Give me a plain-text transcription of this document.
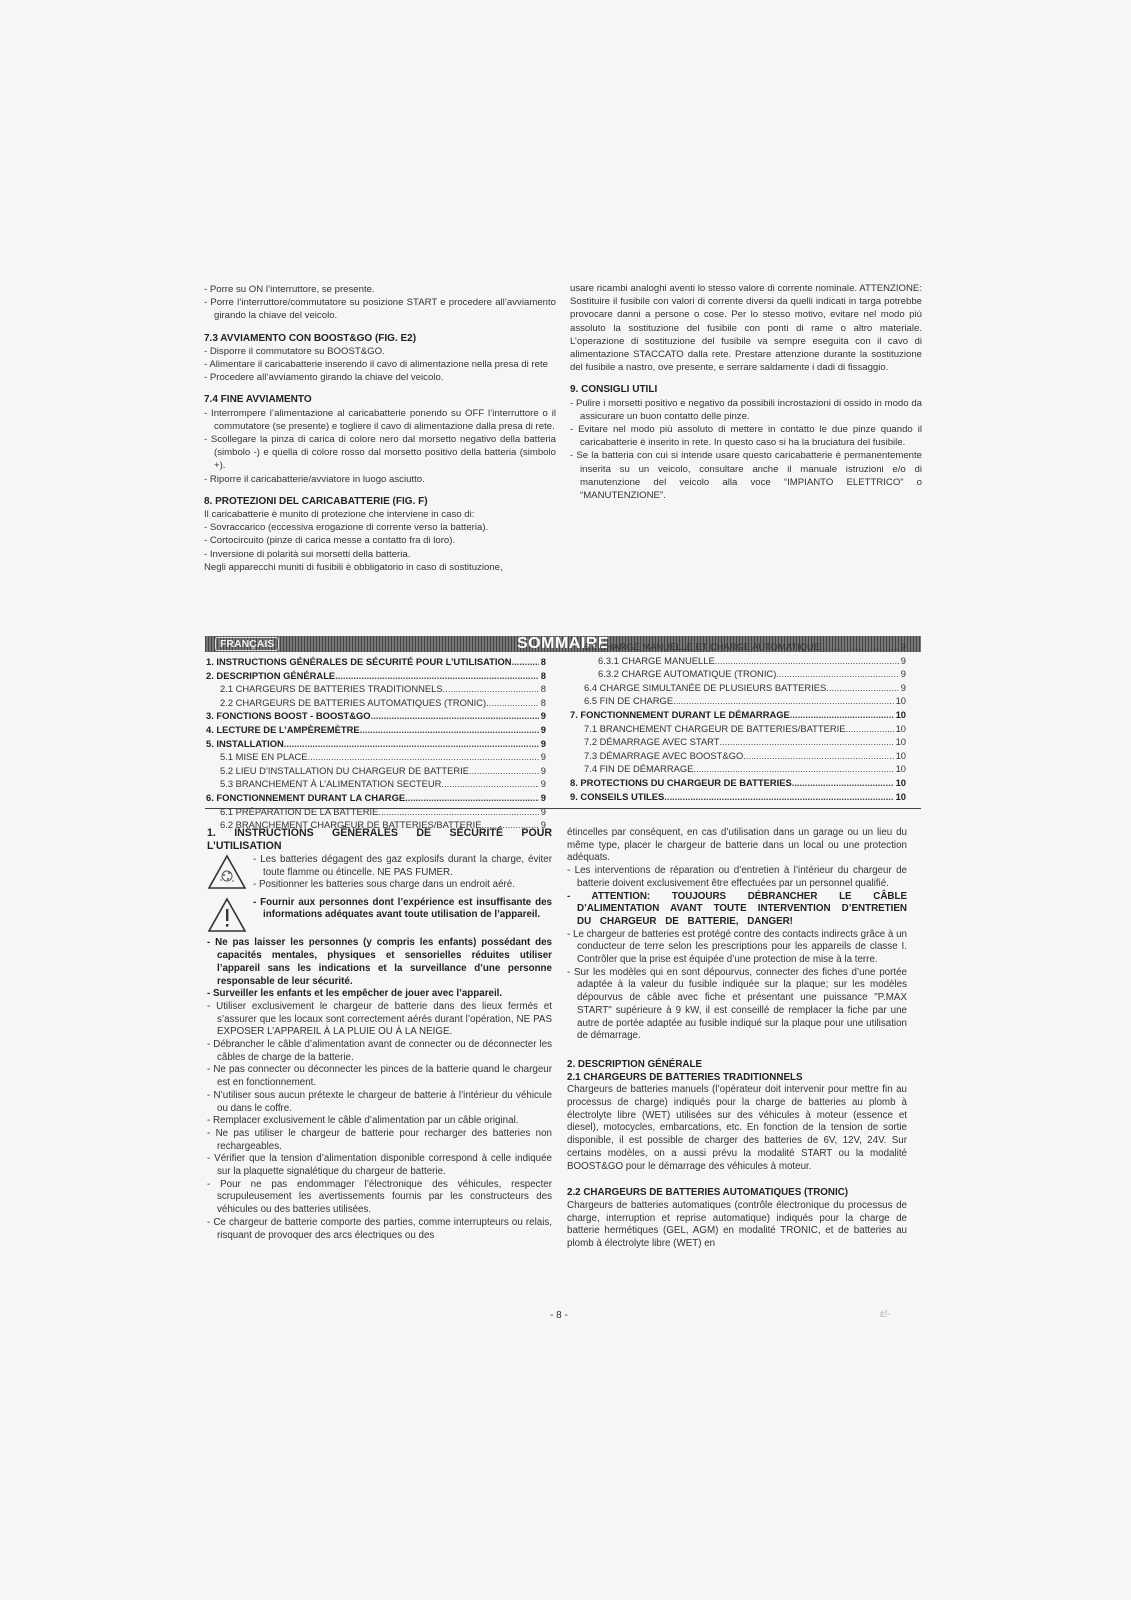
- Porre su ON l’interruttore, se presente.

- Porre l’interruttore/commutatore su posizione START e procedere all’avviamento girando la chiave del veicolo.

7.3 AVVIAMENTO CON BOOST&GO (FIG. E2)

- Disporre il commutatore su BOOST&GO.

- Alimentare il caricabatterie inserendo il cavo di alimentazione nella presa di rete

- Procedere all’avviamento girando la chiave del veicolo.

7.4 FINE AVVIAMENTO

- Interrompere l’alimentazione al caricabatterie ponendo su OFF l’interruttore o il commutatore (se presente) e togliere il cavo di alimentazione dalla presa di rete.

- Scollegare la pinza di carica di colore nero dal morsetto negativo della batteria (simbolo -) e quella di colore rosso dal morsetto positivo della batteria (simbolo +).

- Riporre il caricabatterie/avviatore in luogo asciutto.

8. PROTEZIONI DEL CARICABATTERIE (FIG. F)

Il caricabatterie è munito di protezione che interviene in caso di:

- Sovraccarico (eccessiva erogazione di corrente verso la batteria).

- Cortocircuito (pinze di carica messe a contatto fra di loro).

- Inversione di polarità sui morsetti della batteria.

Negli apparecchi muniti di fusibili è obbligatorio in caso di sostituzione,

usare ricambi analoghi aventi lo stesso valore di corrente nominale. ATTENZIONE: Sostituire il fusibile con valori di corrente diversi da quelli indicati in targa potrebbe provocare danni a persone o cose. Per lo stesso motivo, evitare nel modo più assoluto la sostituzione del fusibile con ponti di rame o altro materiale. L’operazione di sostituzione del fusibile va sempre eseguita con il cavo di alimentazione STACCATO dalla rete. Prestare attenzione durante la sostituzione del fusibile a nastro, ove presente, e serrare saldamente i dadi di fissaggio.

9. CONSIGLI UTILI

- Pulire i morsetti positivo e negativo da possibili incrostazioni di ossido in modo da assicurare un buon contatto delle pinze.

- Evitare nel modo più assoluto di mettere in contatto le due pinze quando il caricabatterie è inserito in rete. In questo caso si ha la bruciatura del fusibile.

- Se la batteria con cui si intende usare questo caricabatterie è permanentemente inserita su un veicolo, consultare anche il manuale istruzioni e/o di manutenzione del veicolo alla voce “IMPIANTO ELETTRICO” o “MANUTENZIONE”.

FRANÇAIS	SOMMAIRE
1. INSTRUCTIONS GÉNÉRALES DE SÉCURITÉ POUR L’UTILISATION .....	8
2. DESCRIPTION GÉNÉRALE .....	8
2.1 CHARGEURS DE BATTERIES TRADITIONNELS .....	8
2.2 CHARGEURS DE BATTERIES AUTOMATIQUES (TRONIC) .....	8
3. FONCTIONS BOOST - BOOST&GO .....	9
4. LECTURE DE L’AMPÈREMÈTRE .....	9
5. INSTALLATION .....	9
5.1 MISE EN PLACE .....	9
5.2 LIEU D’INSTALLATION DU CHARGEUR DE BATTERIE .....	9
5.3 BRANCHEMENT À L’ALIMENTATION SECTEUR .....	9
6. FONCTIONNEMENT DURANT LA CHARGE .....	9
6.1 PRÉPARATION DE LA BATTERIE .....	9
6.2 BRANCHEMENT CHARGEUR DE BATTERIES/BATTERIE .....	9
6.3 CHARGE MANUELLE ET CHARGE AUTOMATIQUE .....	9
6.3.1 CHARGE MANUELLE .....	9
6.3.2 CHARGE AUTOMATIQUE (TRONIC) .....	9
6.4 CHARGE SIMULTANÉE DE PLUSIEURS BATTERIES .....	9
6.5 FIN DE CHARGE .....	10
7. FONCTIONNEMENT DURANT LE DÉMARRAGE .....	10
7.1 BRANCHEMENT CHARGEUR DE BATTERIES/BATTERIE .....	10
7.2 DÉMARRAGE AVEC START .....	10
7.3 DÉMARRAGE AVEC BOOST&GO .....	10
7.4 FIN DE DÉMARRAGE .....	10
8. PROTECTIONS DU CHARGEUR DE BATTERIES .....	10
9. CONSEILS UTILES .....	10

1. INSTRUCTIONS GÉNÉRALES DE SÉCURITÉ POUR L’UTILISATION

- Les batteries dégagent des gaz explosifs durant la charge, éviter toute flamme ou étincelle. NE PAS FUMER.

- Positionner les batteries sous charge dans un endroit aéré.

- Fournir aux personnes dont l’expérience est insuffisante des informations adéquates avant toute utilisation de l’appareil.

- Ne pas laisser les personnes (y compris les enfants) possédant des capacités mentales, physiques et sensorielles réduites utiliser l’appareil sans les indications et la surveillance d’une personne responsable de leur sécurité.

- Surveiller les enfants et les empêcher de jouer avec l’appareil.

- Utiliser exclusivement le chargeur de batterie dans des lieux fermés et s’assurer que les locaux sont correctement aérés durant l’opération, NE PAS EXPOSER L’APPAREIL À LA PLUIE OU À LA NEIGE.

- Débrancher le câble d’alimentation avant de connecter ou de déconnecter les câbles de charge de la batterie.

- Ne pas connecter ou déconnecter les pinces de la batterie quand le chargeur est en fonctionnement.

- N’utiliser sous aucun prétexte le chargeur de batterie à l’intérieur du véhicule ou dans le coffre.

- Remplacer exclusivement le câble d’alimentation par un câble original.

- Ne pas utiliser le chargeur de batterie pour recharger des batteries non rechargeables.

- Vérifier que la tension d’alimentation disponible correspond à celle indiquée sur la plaquette signalétique du chargeur de batterie.

- Pour ne pas endommager l’électronique des véhicules, respecter scrupuleusement les avertissements fournis par les constructeurs des véhicules ou des batteries utilisées.

- Ce chargeur de batterie comporte des parties, comme interrupteurs ou relais, risquant de provoquer des arcs électriques ou des

étincelles par conséquent, en cas d’utilisation dans un garage ou un lieu du même type, placer le chargeur de batterie dans un local ou une protection adéquats.

- Les interventions de réparation ou d’entretien à l’intérieur du chargeur de batterie doivent exclusivement être effectuées par un personnel qualifié.

- ATTENTION: TOUJOURS DÉBRANCHER LE CÂBLE D’ALIMENTATION AVANT TOUTE INTERVENTION D’ENTRETIEN DU CHARGEUR DE BATTERIE, DANGER!

- Le chargeur de batteries est protégé contre des contacts indirects grâce à un conducteur de terre selon les prescriptions pour les appareils de classe I. Contrôler que la prise est équipée d’une protection de mise à la terre.

- Sur les modèles qui en sont dépourvus, connecter des fiches d’une portée adaptée à la valeur du fusible indiquée sur la plaque; sur les modèles dépourvus de câble avec fiche et présentant une puissance "P.MAX START" supérieure à 9 kW, il est conseillé de remplacer la fiche par une autre de portée adaptée au fusible indiqué sur la plaque pour une utilisation de démarrage.

2. DESCRIPTION GÉNÉRALE

2.1 CHARGEURS DE BATTERIES TRADITIONNELS

Chargeurs de batteries manuels (l’opérateur doit intervenir pour mettre fin au processus de charge) indiqués pour la charge de batteries au plomb à électrolyte libre (WET) utilisées sur des véhicules à moteur (essence et diesel), motocycles, embarcations, etc. En fonction de la tension de sortie disponible, il est possible de charger des batteries de 6V, 12V, 24V. Sur certains modèles, on a aussi prévu la modalité START ou la modalité BOOST&GO pour le démarrage des véhicules à moteur.

2.2 CHARGEURS DE BATTERIES AUTOMATIQUES (TRONIC)

Chargeurs de batteries automatiques (contrôle électronique du processus de charge, interruption et reprise automatique) indiqués pour la charge de batterie hermétiques (GEL, AGM) en modalité TRONIC, et de batteries au plomb à électrolyte libre (WET) en

- 8 -	ɛ!·
